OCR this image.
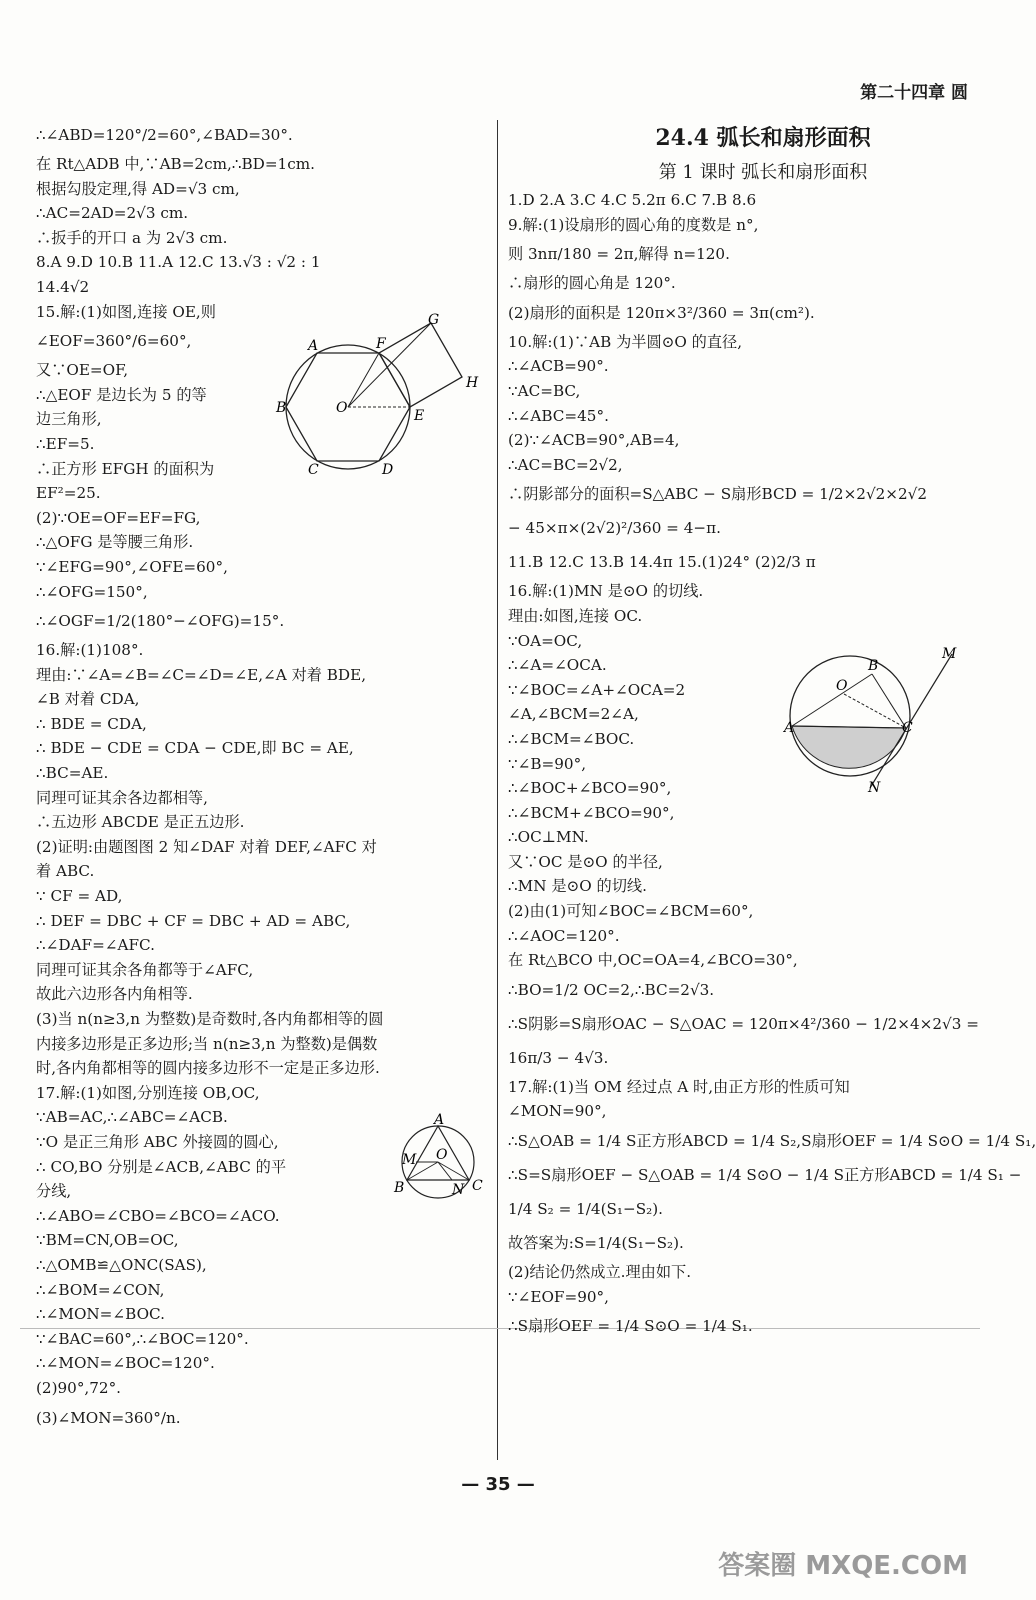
第二十四章 圆
∴∠ABD=120°/2=60°,∠BAD=30°.
在 Rt△ADB 中,∵AB=2cm,∴BD=1cm.
根据勾股定理,得 AD=√3 cm,
∴AC=2AD=2√3 cm.
∴扳手的开口 a 为 2√3 cm.
8.A 9.D 10.B 11.A 12.C 13.√3 : √2 : 1
14.4√2
15.解:(1)如图,连接 OE,则
∠EOF=360°/6=60°,
又∵OE=OF,
∴△EOF 是边长为 5 的等
边三角形,
∴EF=5.
∴正方形 EFGH 的面积为
EF²=25.
(2)∵OE=OF=EF=FG,
∴△OFG 是等腰三角形.
∵∠EFG=90°,∠OFE=60°,
∴∠OFG=150°,
∴∠OGF=1/2(180°−∠OFG)=15°.
16.解:(1)108°.
理由:∵∠A=∠B=∠C=∠D=∠E,∠A 对着 BDE,
∠B 对着 CDA,
∴ BDE = CDA,
∴ BDE − CDE = CDA − CDE,即 BC = AE,
∴BC=AE.
同理可证其余各边都相等,
∴五边形 ABCDE 是正五边形.
(2)证明:由题图图 2 知∠DAF 对着 DEF,∠AFC 对
着 ABC.
∵ CF = AD,
∴ DEF = DBC + CF = DBC + AD = ABC,
∴∠DAF=∠AFC.
同理可证其余各角都等于∠AFC,
故此六边形各内角相等.
(3)当 n(n≥3,n 为整数)是奇数时,各内角都相等的圆
内接多边形是正多边形;当 n(n≥3,n 为整数)是偶数
时,各内角都相等的圆内接多边形不一定是正多边形.
17.解:(1)如图,分别连接 OB,OC,
∵AB=AC,∴∠ABC=∠ACB.
∵O 是正三角形 ABC 外接圆的圆心,
∴ CO,BO 分别是∠ACB,∠ABC 的平
分线,
∴∠ABO=∠CBO=∠BCO=∠ACO.
∵BM=CN,OB=OC,
∴△OMB≌△ONC(SAS),
∴∠BOM=∠CON,
∴∠MON=∠BOC.
∵∠BAC=60°,∴∠BOC=120°.
∴∠MON=∠BOC=120°.
(2)90°,72°.
(3)∠MON=360°/n.
24.4 弧长和扇形面积
第 1 课时 弧长和扇形面积
1.D 2.A 3.C 4.C 5.2π 6.C 7.B 8.6
9.解:(1)设扇形的圆心角的度数是 n°,
则 3nπ/180 = 2π,解得 n=120.
∴扇形的圆心角是 120°.
(2)扇形的面积是 120π×3²/360 = 3π(cm²).
10.解:(1)∵AB 为半圆⊙O 的直径,
∴∠ACB=90°.
∵AC=BC,
∴∠ABC=45°.
(2)∵∠ACB=90°,AB=4,
∴AC=BC=2√2,
∴阴影部分的面积=S△ABC − S扇形BCD = 1/2×2√2×2√2
− 45×π×(2√2)²/360 = 4−π.
11.B 12.C 13.B 14.4π 15.(1)24° (2)2/3 π
16.解:(1)MN 是⊙O 的切线.
理由:如图,连接 OC.
∵OA=OC,
∴∠A=∠OCA.
∵∠BOC=∠A+∠OCA=2
∠A,∠BCM=2∠A,
∴∠BCM=∠BOC.
∵∠B=90°,
∴∠BOC+∠BCO=90°,
∴∠BCM+∠BCO=90°,
∴OC⊥MN.
又∵OC 是⊙O 的半径,
∴MN 是⊙O 的切线.
(2)由(1)可知∠BOC=∠BCM=60°,
∴∠AOC=120°.
在 Rt△BCO 中,OC=OA=4,∠BCO=30°,
∴BO=1/2 OC=2,∴BC=2√3.
∴S阴影=S扇形OAC − S△OAC = 120π×4²/360 − 1/2×4×2√3 =
16π/3 − 4√3.
17.解:(1)当 OM 经过点 A 时,由正方形的性质可知
∠MON=90°,
∴S△OAB = 1/4 S正方形ABCD = 1/4 S₂,S扇形OEF = 1/4 S⊙O = 1/4 S₁,
∴S=S扇形OEF − S△OAB = 1/4 S⊙O − 1/4 S正方形ABCD = 1/4 S₁ −
1/4 S₂ = 1/4(S₁−S₂).
故答案为:S=1/4(S₁−S₂).
(2)结论仍然成立.理由如下.
∵∠EOF=90°,
∴S扇形OEF = 1/4 S⊙O = 1/4 S₁.
A	F
G
H
B	O	E
C	D
B
O
M
A	C
N
A
M O
B	N C
— 35 —
答案圈 MXQE.COM
